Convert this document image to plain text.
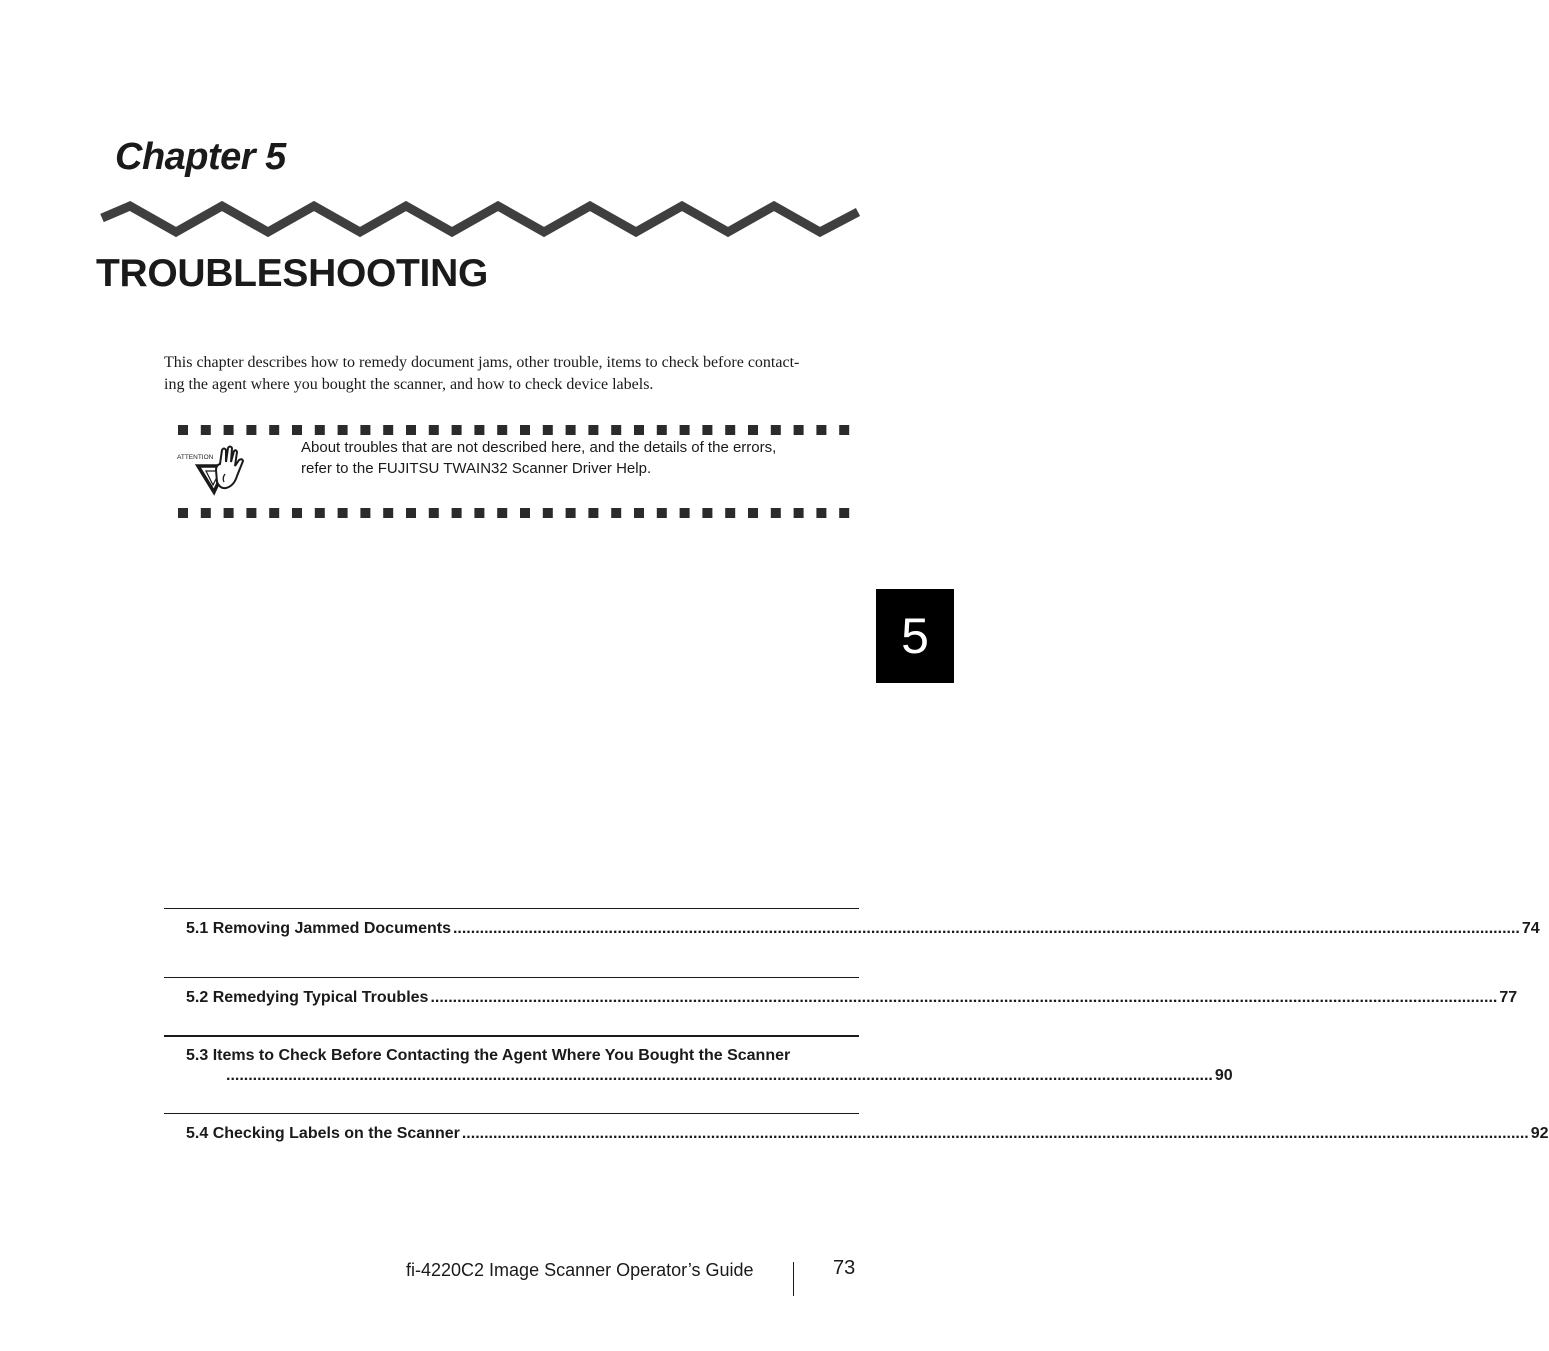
Chapter 5
TROUBLESHOOTING
This chapter describes how to remedy document jams, other trouble, items to check before contact-
ing the agent where you bought the scanner, and how to check device labels.
ATTENTION
About troubles that are not described here, and the details of the errors,
refer to the FUJITSU TWAIN32 Scanner Driver Help.
5
5.1 Removing Jammed Documents .....	74
5.2 Remedying Typical Troubles .....	77
5.3 Items to Check Before Contacting the Agent Where You Bought the Scanner
.............................................................................................................................................................................................................................. 90
5.4 Checking Labels on the Scanner .....	92
fi-4220C2 Image Scanner Operator’s Guide	73
